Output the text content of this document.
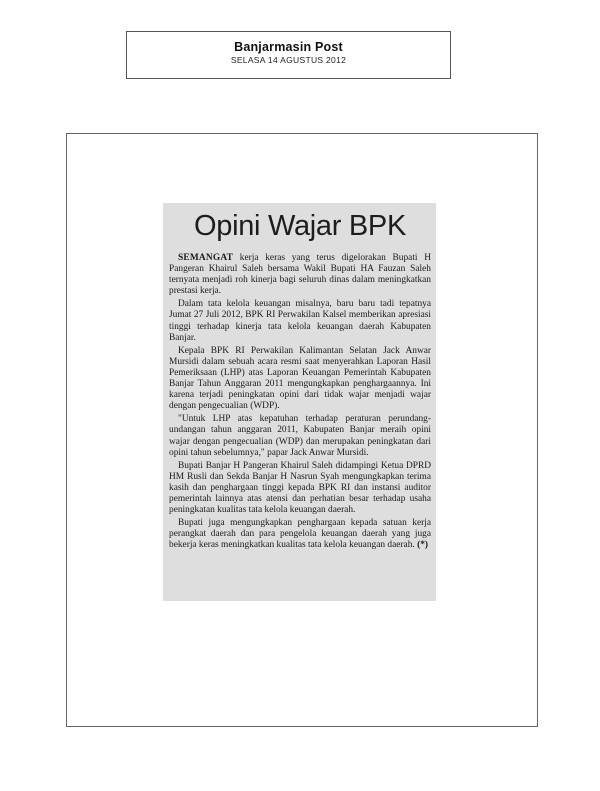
Banjarmasin Post
SELASA 14 AGUSTUS 2012
Opini Wajar BPK

SEMANGAT kerja keras yang terus digelorakan Bupati H Pangeran Khairul Saleh bersama Wakil Bupati HA Fauzan Saleh ternyata menjadi roh kinerja bagi seluruh dinas dalam meningkatkan prestasi kerja.

Dalam tata kelola keuangan misalnya, baru baru tadi tepatnya Jumat 27 Juli 2012, BPK RI Perwakilan Kalsel memberikan apresiasi tinggi terhadap kinerja tata kelola keuangan daerah Kabupaten Banjar.

Kepala BPK RI Perwakilan Kalimantan Selatan Jack Anwar Mursidi dalam sebuah acara resmi saat menyerahkan Laporan Hasil Pemeriksaan (LHP) atas Laporan Keuangan Pemerintah Kabupaten Banjar Tahun Anggaran 2011 mengungkapkan penghargaannya. Ini karena terjadi peningkatan opini dari tidak wajar menjadi wajar dengan pengecualian (WDP).

"Untuk LHP atas kepatuhan terhadap peraturan perundang-undangan tahun anggaran 2011, Kabupaten Banjar meraih opini wajar dengan pengecualian (WDP) dan merupakan peningkatan dari opini tahun sebelumnya," papar Jack Anwar Mursidi.

Bupati Banjar H Pangeran Khairul Saleh didampingi Ketua DPRD HM Rusli dan Sekda Banjar H Nasrun Syah mengungkapkan terima kasih dan penghargaan tinggi kepada BPK RI dan instansi auditor pemerintah lainnya atas atensi dan perhatian besar terhadap usaha peningkatan kualitas tata kelola keuangan daerah.

Bupati juga mengungkapkan penghargaan kepada satuan kerja perangkat daerah dan para pengelola keuangan daerah yang juga bekerja keras meningkatkan kualitas tata kelola keuangan daerah. (*)
